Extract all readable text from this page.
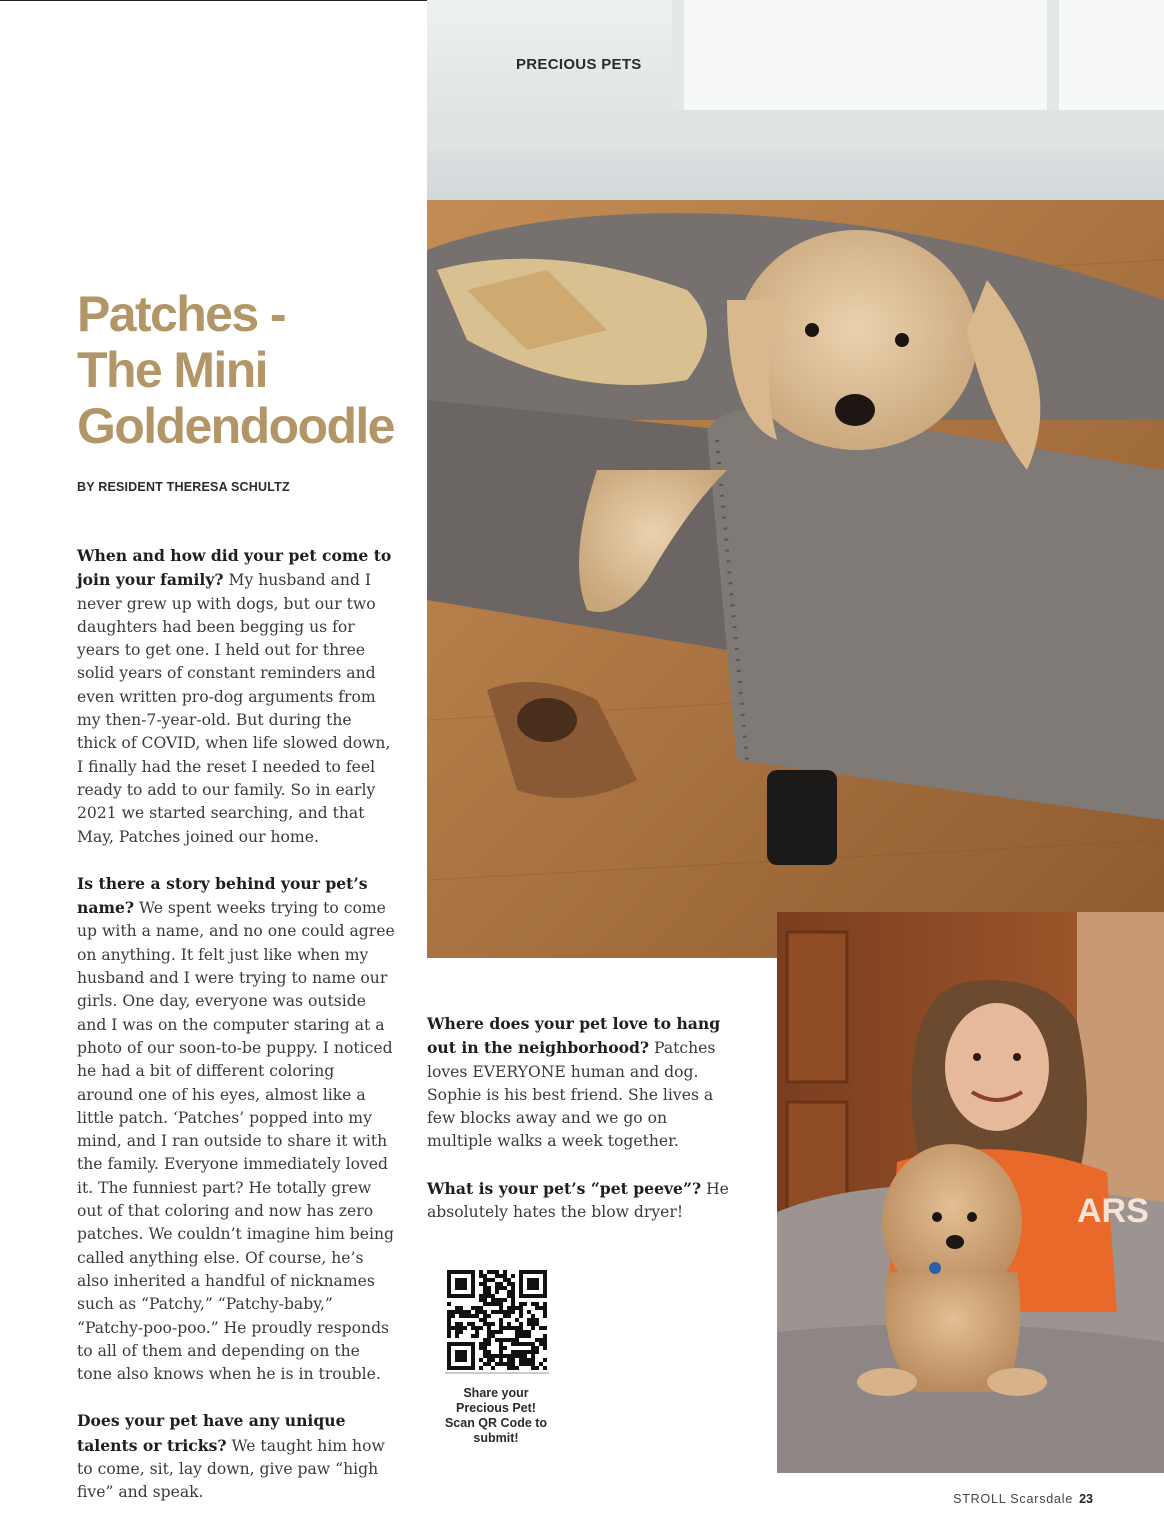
PRECIOUS PETS
Patches -
The Mini
Goldendoodle
BY RESIDENT THERESA SCHULTZ

When and how did your pet come to join your family? My husband and I never grew up with dogs, but our two daughters had been begging us for years to get one. I held out for three solid years of constant reminders and even written pro-dog arguments from my then-7-year-old. But during the thick of COVID, when life slowed down, I finally had the reset I needed to feel ready to add to our family. So in early 2021 we started searching, and that May, Patches joined our home.

Is there a story behind your pet’s name? We spent weeks trying to come up with a name, and no one could agree on anything. It felt just like when my husband and I were trying to name our girls. One day, everyone was outside and I was on the computer staring at a photo of our soon-to-be puppy. I noticed he had a bit of different coloring around one of his eyes, almost like a little patch. ‘Patches’ popped into my mind, and I ran outside to share it with the family. Everyone immediately loved it. The funniest part? He totally grew out of that coloring and now has zero patches. We couldn’t imagine him being called anything else. Of course, he’s also inherited a handful of nicknames such as “Patchy,” “Patchy-baby,” “Patchy-poo-poo.” He proudly responds to all of them and depending on the tone also knows when he is in trouble.

Does your pet have any unique talents or tricks? We taught him how to come, sit, lay down, give paw “high five” and speak.

Where does your pet love to hang out in the neighborhood? Patches loves EVERYONE human and dog. Sophie is his best friend. She lives a few blocks away and we go on multiple walks a week together.

What is your pet’s “pet peeve”? He absolutely hates the blow dryer!

Share your
Precious Pet!
Scan QR Code to
submit!
ARS
STROLL Scarsdale 23
